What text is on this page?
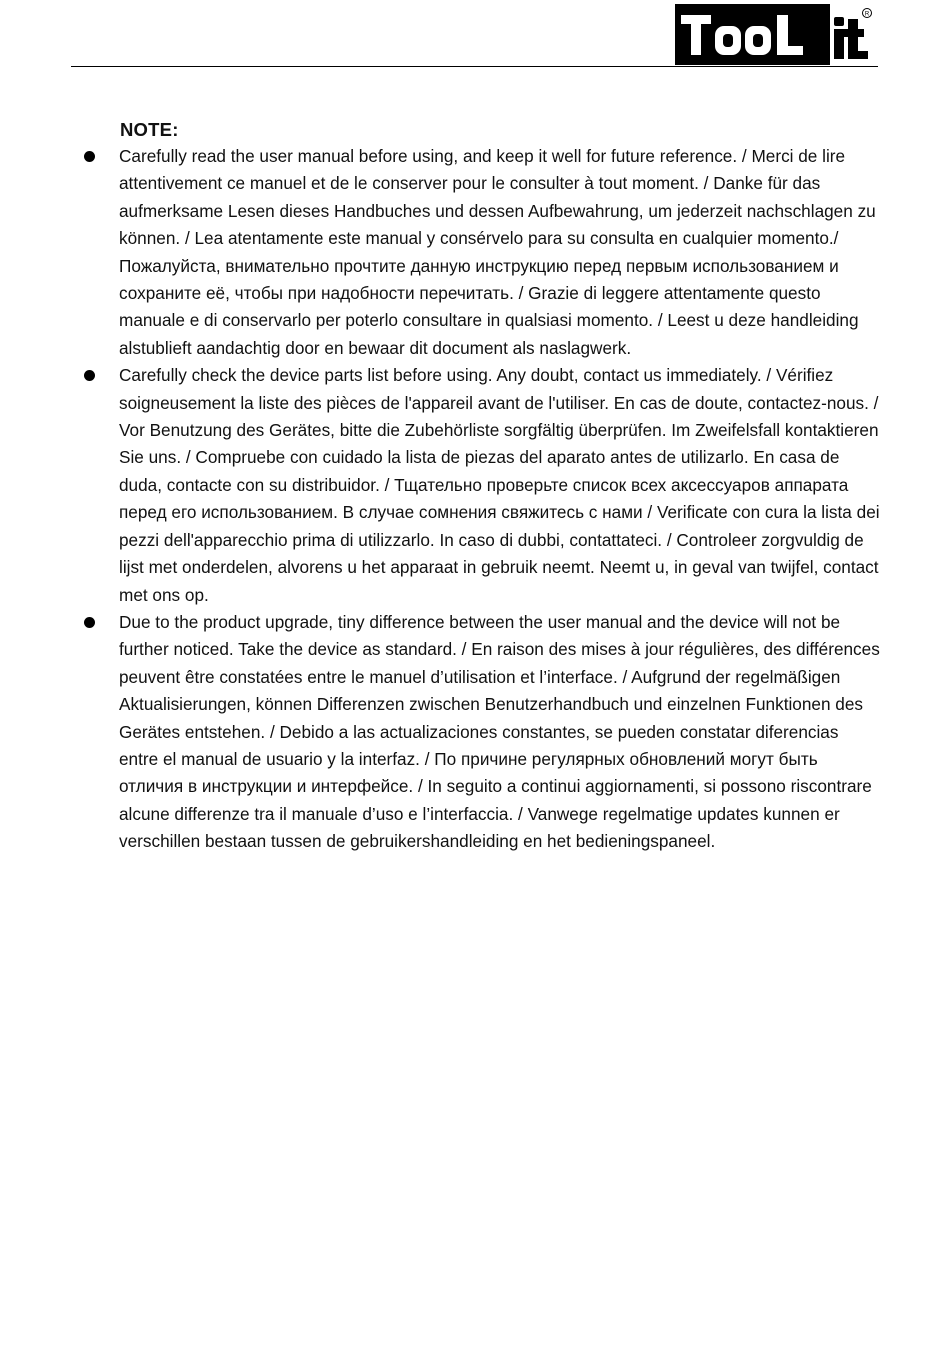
R
NOTE:
Carefully read the user manual before using, and keep it well for future reference. / Merci de lire attentivement ce manuel et de le conserver pour le consulter à tout moment. / Danke für das aufmerksame Lesen dieses Handbuches und dessen Aufbewahrung, um jederzeit nachschlagen zu können. / Lea atentamente este manual y consérvelo para su consulta en cualquier momento./ Пожалуйста, внимательно прочтите данную инструкцию перед первым использованием и сохраните её, чтобы при надобности перечитать. / Grazie di leggere attentamente questo manuale e di conservarlo per poterlo consultare in qualsiasi momento. / Leest u deze handleiding alstublieft aandachtig door en bewaar dit document als naslagwerk.
Carefully check the device parts list before using. Any doubt, contact us immediately. / Vérifiez soigneusement la liste des pièces de l'appareil avant de l'utiliser. En cas de doute, contactez-nous. / Vor Benutzung des Gerätes, bitte die Zubehörliste sorgfältig überprüfen. Im Zweifelsfall kontaktieren Sie uns. / Compruebe con cuidado la lista de piezas del aparato antes de utilizarlo. En casa de duda, contacte con su distribuidor. / Тщательно проверьте список всех аксессуаров аппарата перед его использованием. В случае сомнения свяжитесь с нами / Verificate con cura la lista dei pezzi dell'apparecchio prima di utilizzarlo. In caso di dubbi, contattateci. / Controleer zorgvuldig de lijst met onderdelen, alvorens u het apparaat in gebruik neemt. Neemt u, in geval van twijfel, contact met ons op.
Due to the product upgrade, tiny difference between the user manual and the device will not be further noticed. Take the device as standard. / En raison des mises à jour régulières, des différences peuvent être constatées entre le manuel d’utilisation et l’interface. / Aufgrund der regelmäßigen Aktualisierungen, können Differenzen zwischen Benutzerhandbuch und einzelnen Funktionen des Gerätes entstehen. / Debido a las actualizaciones constantes, se pueden constatar diferencias entre el manual de usuario y la interfaz. / По причине регулярных обновлений могут быть отличия в инструкции и интерфейсе. / In seguito a continui aggiornamenti, si possono riscontrare alcune differenze tra il manuale d’uso e l’interfaccia. / Vanwege regelmatige updates kunnen er verschillen bestaan tussen de gebruikershandleiding en het bedieningspaneel.
